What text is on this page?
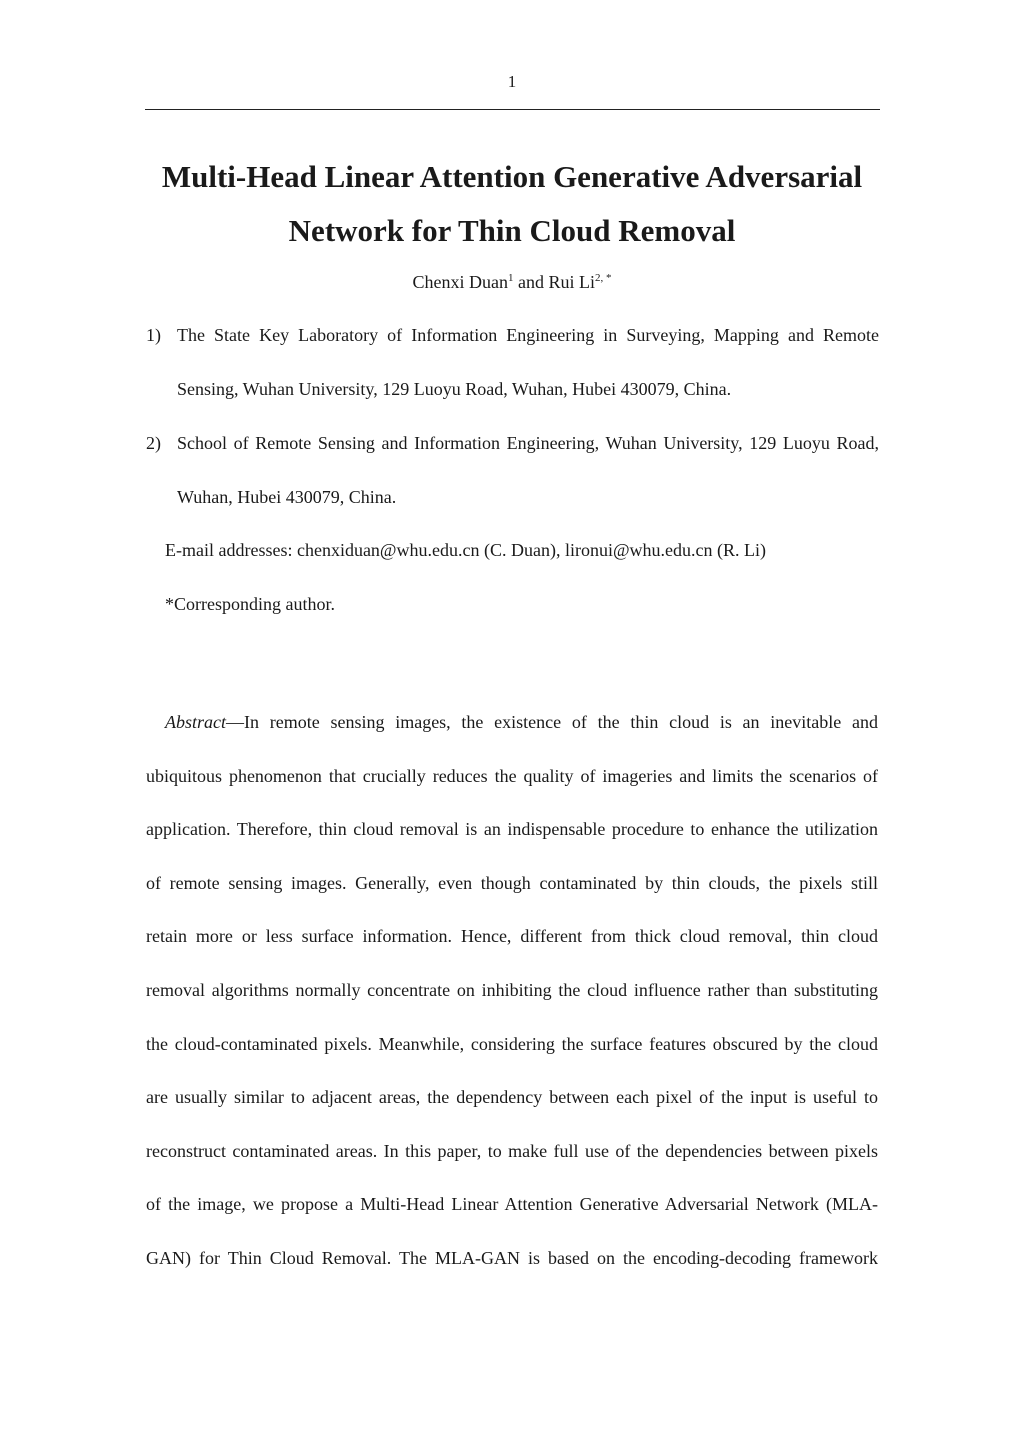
1
Multi-Head Linear Attention Generative Adversarial
Network for Thin Cloud Removal
Chenxi Duan$^1$ and Rui $Li^{2, *}$
1) The State Key Laboratory of Information Engineering in Surveying, Mapping and Remote
Sensing, Wuhan University, 129 Luoyu Road, Wuhan, Hubei 430079, China.
2) School of Remote Sensing and Information Engineering, Wuhan University, 129 Luoyu Road,
Wuhan, Hubei 430079, China.
E-mail addresses: chenxiduan@whu.edu.cn (C. Duan), lironui@whu.edu.cn (R. Li)
*Corresponding author.
Abstract—In remote sensing images, the existence of the thin cloud is an inevitable and
ubiquitous phenomenon that crucially reduces the quality of imageries and limits the scenarios of
application. Therefore, thin cloud removal is an indispensable procedure to enhance the utilization
of remote sensing images. Generally, even though contaminated by thin clouds, the pixels still
retain more or less surface information. Hence, different from thick cloud removal, thin cloud
removal algorithms normally concentrate on inhibiting the cloud influence rather than substituting
the cloud-contaminated pixels. Meanwhile, considering the surface features obscured by the cloud
are usually similar to adjacent areas, the dependency between each pixel of the input is useful to
reconstruct contaminated areas. In this paper, to make full use of the dependencies between pixels
of the image, we propose a Multi-Head Linear Attention Generative Adversarial Network (MLA-
GAN) for Thin Cloud Removal. The MLA-GAN is based on the encoding-decoding framework
